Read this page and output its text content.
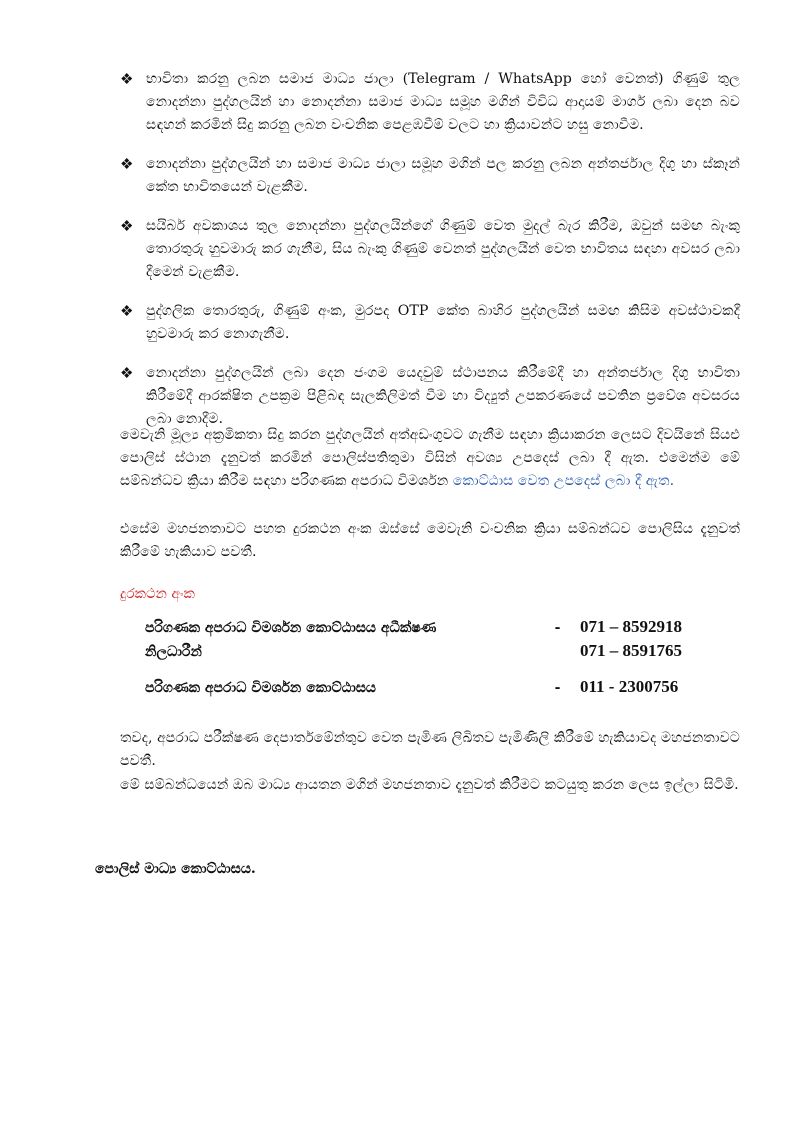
❖ භාවිතා කරනු ලබන සමාජ මාධ්‍ය ජාලා (Telegram / WhatsApp හෝ වෙනත්) ගිණුම් තුල නොදන්නා පුද්ගලයින් හා නොදන්නා සමාජ මාධ්‍ය සමූහ මගින් විවිධ ආදායම් මාර්ග ලබා දෙන බව සඳහන් කරමින් සිදු කරනු ලබන වංචනික පෙළඹවීම් වලට හා ක්‍රියාවන්ට හසු නොවීම.
❖ නොදන්නා පුද්ගලයින් හා සමාජ මාධ්‍ය ජාලා සමූහ මගින් පල කරනු ලබන අන්තර්ජාල දිගු හා ස්කෑන් කේත භාවිතයෙන් වැළකීම.
❖ සයිබර් අවකාශය තුල නොදන්නා පුද්ගලයින්ගේ ගිණුම් වෙත මුදල් බැර කිරීම, ඔවුන් සමඟ බැංකු තොරතුරු හුවමාරු කර ගැනීම, සිය බැංකු ගිණුම් වෙනත් පුද්ගලයින් වෙත භාවිතය සඳහා අවසර ලබා දීමෙන් වැළකීම.
❖ පුද්ගලික තොරතුරු, ගිණුම් අංක, මුරපද OTP කේත බාහිර පුද්ගලයින් සමඟ කිසිම අවස්ථාවකදී හුවමාරු කර නොගැනීම.
❖ නොදන්නා පුද්ගලයින් ලබා දෙන ජංගම යෙදවුම් ස්ථාපනය කිරීමේදී හා අන්තර්ජාල දිගු භාවිතා කිරීමේදී ආරක්ෂිත උපක්‍රම පිළිබඳ සැලකිලිමත් වීම හා විද්‍යුත් උපකරණයේ පවතින ප්‍රවේශ අවසරය ලබා නොදීම.

මෙවැනි මූල්‍ය අක්‍රමිකතා සිදු කරන පුද්ගලයින් අත්අඩංගුවට ගැනීම සඳහා ක්‍රියාකරන ලෙසට දිවයිනේ සියළු පොලිස් ස්ථාන දැනුවත් කරමින් පොලිස්පතිතුමා විසින් අවශ්‍ය උපදෙස් ලබා දී ඇත. එමෙන්ම මේ සම්බන්ධව ක්‍රියා කිරීම සඳහා පරිගණක අපරාධ විමර්ශන කොට්ඨාස වෙත උපදෙස් ලබා දී ඇත.

එසේම මහජනතාවට පහත දුරකථන අංක ඔස්සේ මෙවැනි වංචනික ක්‍රියා සම්බන්ධව පොලිසිය දැනුවත් කිරීමේ හැකියාව පවතී.

දුරකථන අංක

පරිගණක අපරාධ විමර්ශන කොට්ඨාසය අධීක්ෂණ	-	071 – 8592918
නිලධාරීන්	071 – 8591765
පරිගණක අපරාධ විමර්ශන කොට්ඨාසය	-	011 - 2300756

තවද, අපරාධ පරීක්ෂණ දෙපාර්තමේන්තුව වෙත පැමිණ ලිඛිතව පැමිණිලි කිරීමේ හැකියාවද මහජනතාවට පවතී.

මේ සම්බන්ධයෙන් ඔබ මාධ්‍ය ආයතන මගින් මහජනතාව දැනුවත් කිරීමට කටයුතු කරන ලෙස ඉල්ලා සිටිමි.

පොලිස් මාධ්‍ය කොට්ඨාසය.
